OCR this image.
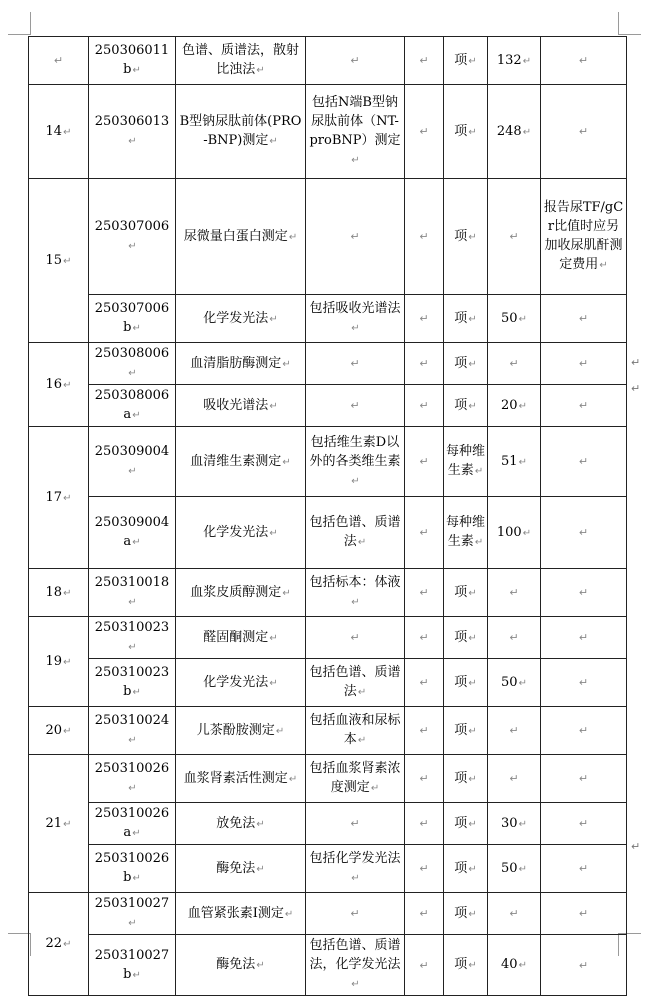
↵
↵
↵
↵	250306011b↵	色谱、质谱法，散射比浊法↵	↵	↵	项↵	132↵	↵
14↵	250306013↵	B型钠尿肽前体(PRO-BNP)测定↵	包括N端B型钠尿肽前体（NT-proBNP）测定↵	↵	项↵	248↵	↵
15↵	250307006↵	尿微量白蛋白测定↵	↵	↵	项↵	↵	报告尿TF/gCr比值时应另加收尿肌酐测定费用↵
	250307006b↵	化学发光法↵	包括吸收光谱法↵	↵	项↵	50↵	↵
16↵	250308006↵	血清脂肪酶测定↵	↵	↵	项↵	↵	↵
	250308006a↵	吸收光谱法↵	↵	↵	项↵	20↵	↵
17↵	250309004↵	血清维生素测定↵	包括维生素D以外的各类维生素↵	↵	每种维生素↵	51↵	↵
	250309004a↵	化学发光法↵	包括色谱、质谱法↵	↵	每种维生素↵	100↵	↵
18↵	250310018↵	血浆皮质醇测定↵	包括标本：体液↵	↵	项↵	↵	↵
19↵	250310023↵	醛固酮测定↵	↵	↵	项↵	↵	↵
	250310023b↵	化学发光法↵	包括色谱、质谱法↵	↵	项↵	50↵	↵
20↵	250310024↵	儿茶酚胺测定↵	包括血液和尿标本↵	↵	项↵	↵	↵
21↵	250310026↵	血浆肾素活性测定↵	包括血浆肾素浓度测定↵	↵	项↵	↵	↵
	250310026a↵	放免法↵	↵	↵	项↵	30↵	↵
	250310026b↵	酶免法↵	包括化学发光法↵	↵	项↵	50↵	↵
22↵	250310027↵	血管紧张素I测定↵	↵	↵	项↵	↵	↵
	250310027b↵	酶免法↵	包括色谱、质谱法，化学发光法↵	↵	项↵	40↵	↵
